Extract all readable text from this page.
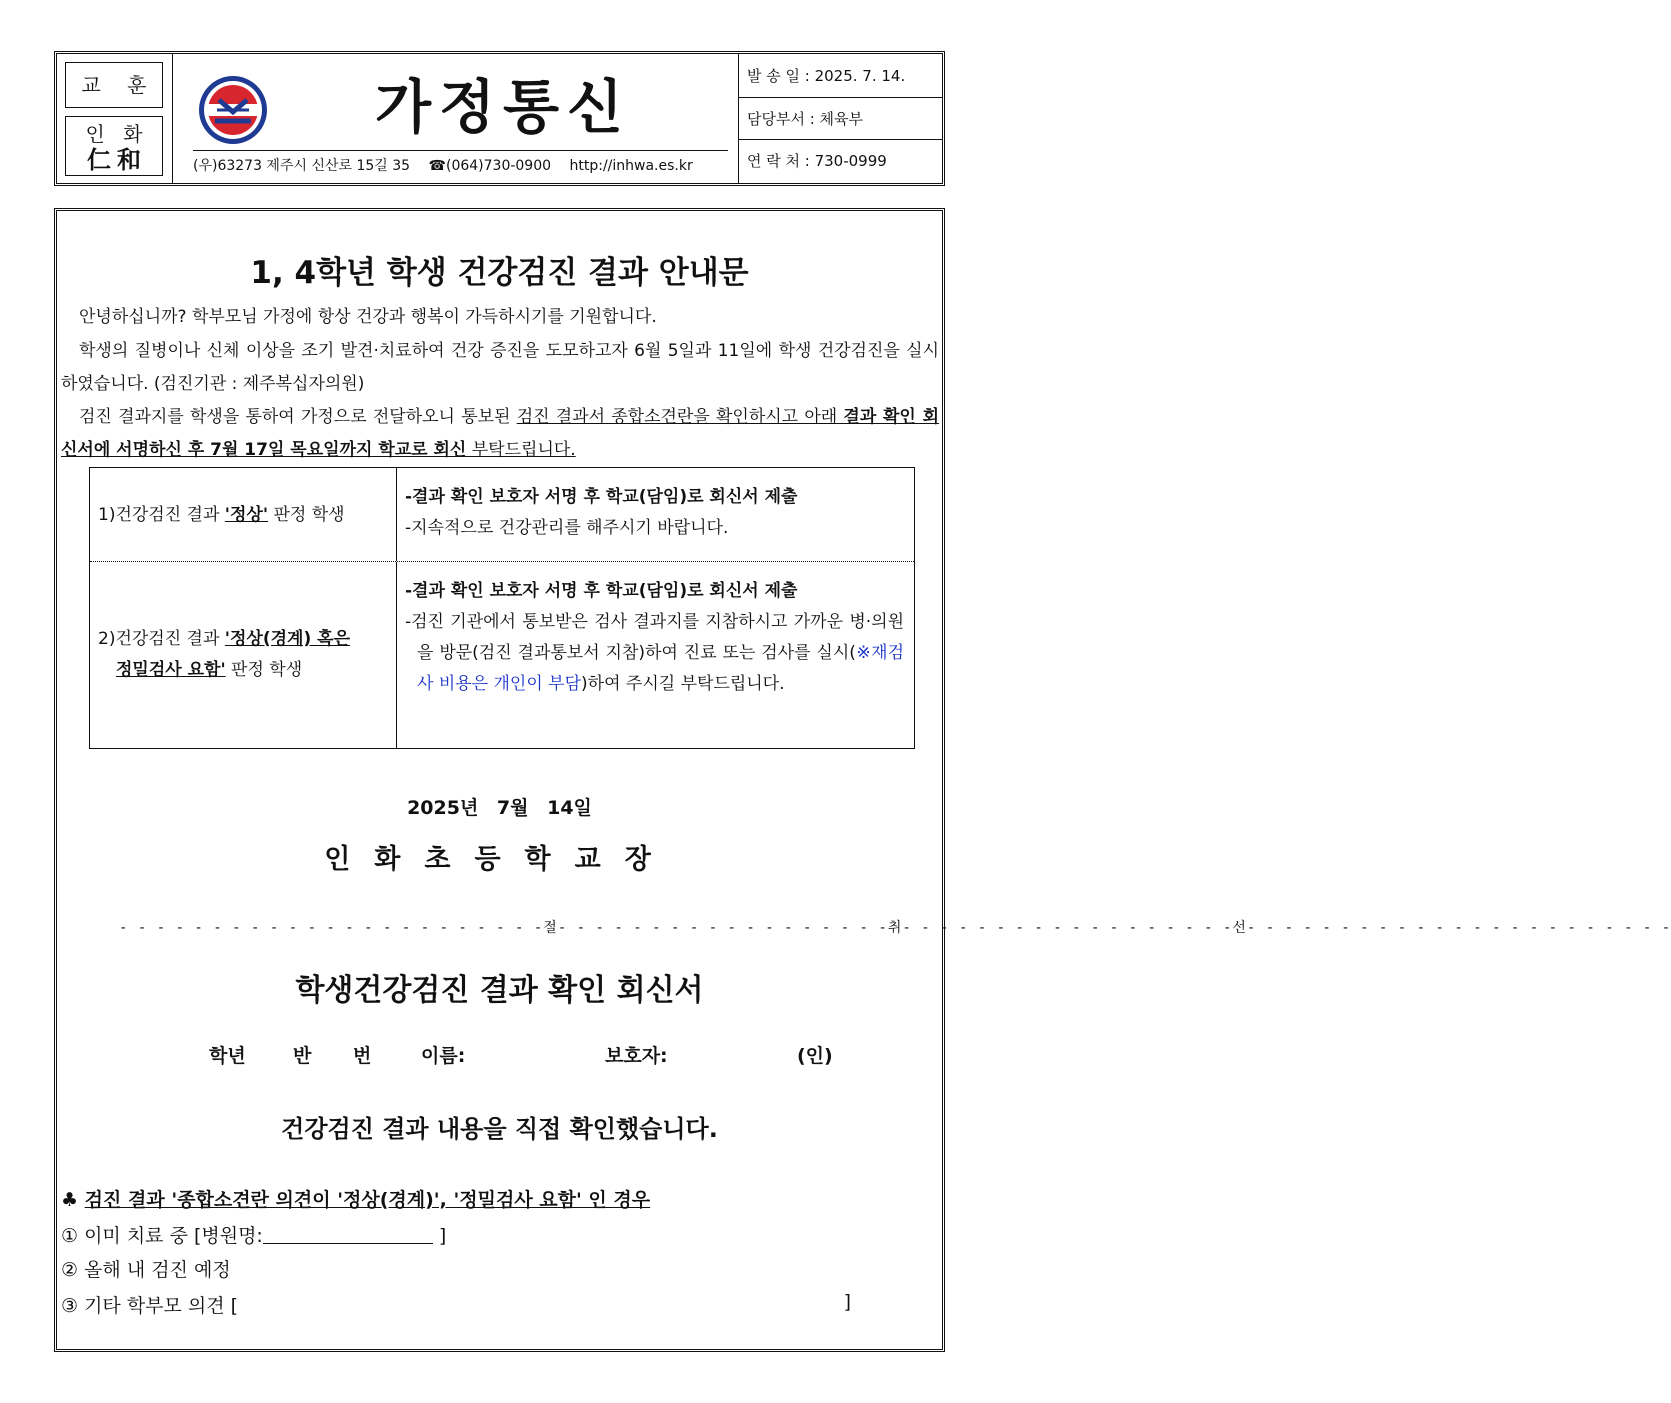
교 훈
인 화
仁和
가정통신
(우)63273 제주시 신산로 15길 35 ☎(064)730-0900 http://inhwa.es.kr
발 송 일 : 2025. 7. 14.
담당부서 : 체육부
연 락 처 : 730-0999
1, 4학년 학생 건강검진 결과 안내문
안녕하십니까? 학부모님 가정에 항상 건강과 행복이 가득하시기를 기원합니다.
학생의 질병이나 신체 이상을 조기 발견·치료하여 건강 증진을 도모하고자 6월 5일과 11일에 학생 건강검진을 실시하였습니다. (검진기관 : 제주복십자의원)
검진 결과지를 학생을 통하여 가정으로 전달하오니 통보된 검진 결과서 종합소견란을 확인하시고 아래 결과 확인 회신서에 서명하신 후 7월 17일 목요일까지 학교로 회신 부탁드립니다.
1)건강검진 결과 '정상' 판정 학생
-결과 확인 보호자 서명 후 학교(담임)로 회신서 제출
-지속적으로 건강관리를 해주시기 바랍니다.
2)건강검진 결과 '정상(경계) 혹은
정밀검사 요함' 판정 학생
-결과 확인 보호자 서명 후 학교(담임)로 회신서 제출
-검진 기관에서 통보받은 검사 결과지를 지참하시고 가까운 병·의원을 방문(검진 결과통보서 지참)하여 진료 또는 검사를 실시(※재검사 비용은 개인이 부담)하여 주시길 부탁드립니다.
2025년 7월 14일
인화초등학교장
- - - - - - - - - - - - - - - - - - - - - - -절- - - - - - - - - - - - - - - - - -취- - - - - - - - - - - - - - - - - -선- - - - - - - - - - - - - - - - - - - - - - -
학생건강검진 결과 확인 회신서
학년 반 번	이름:	보호자:	(인)
건강검진 결과 내용을 직접 확인했습니다.
♣ 검진 결과 '종합소견란 의견이 '정상(경계)', '정밀검사 요함' 인 경우
① 이미 치료 중 [병원명:	]
② 올해 내 검진 예정
③ 기타 학부모 의견 [	]
